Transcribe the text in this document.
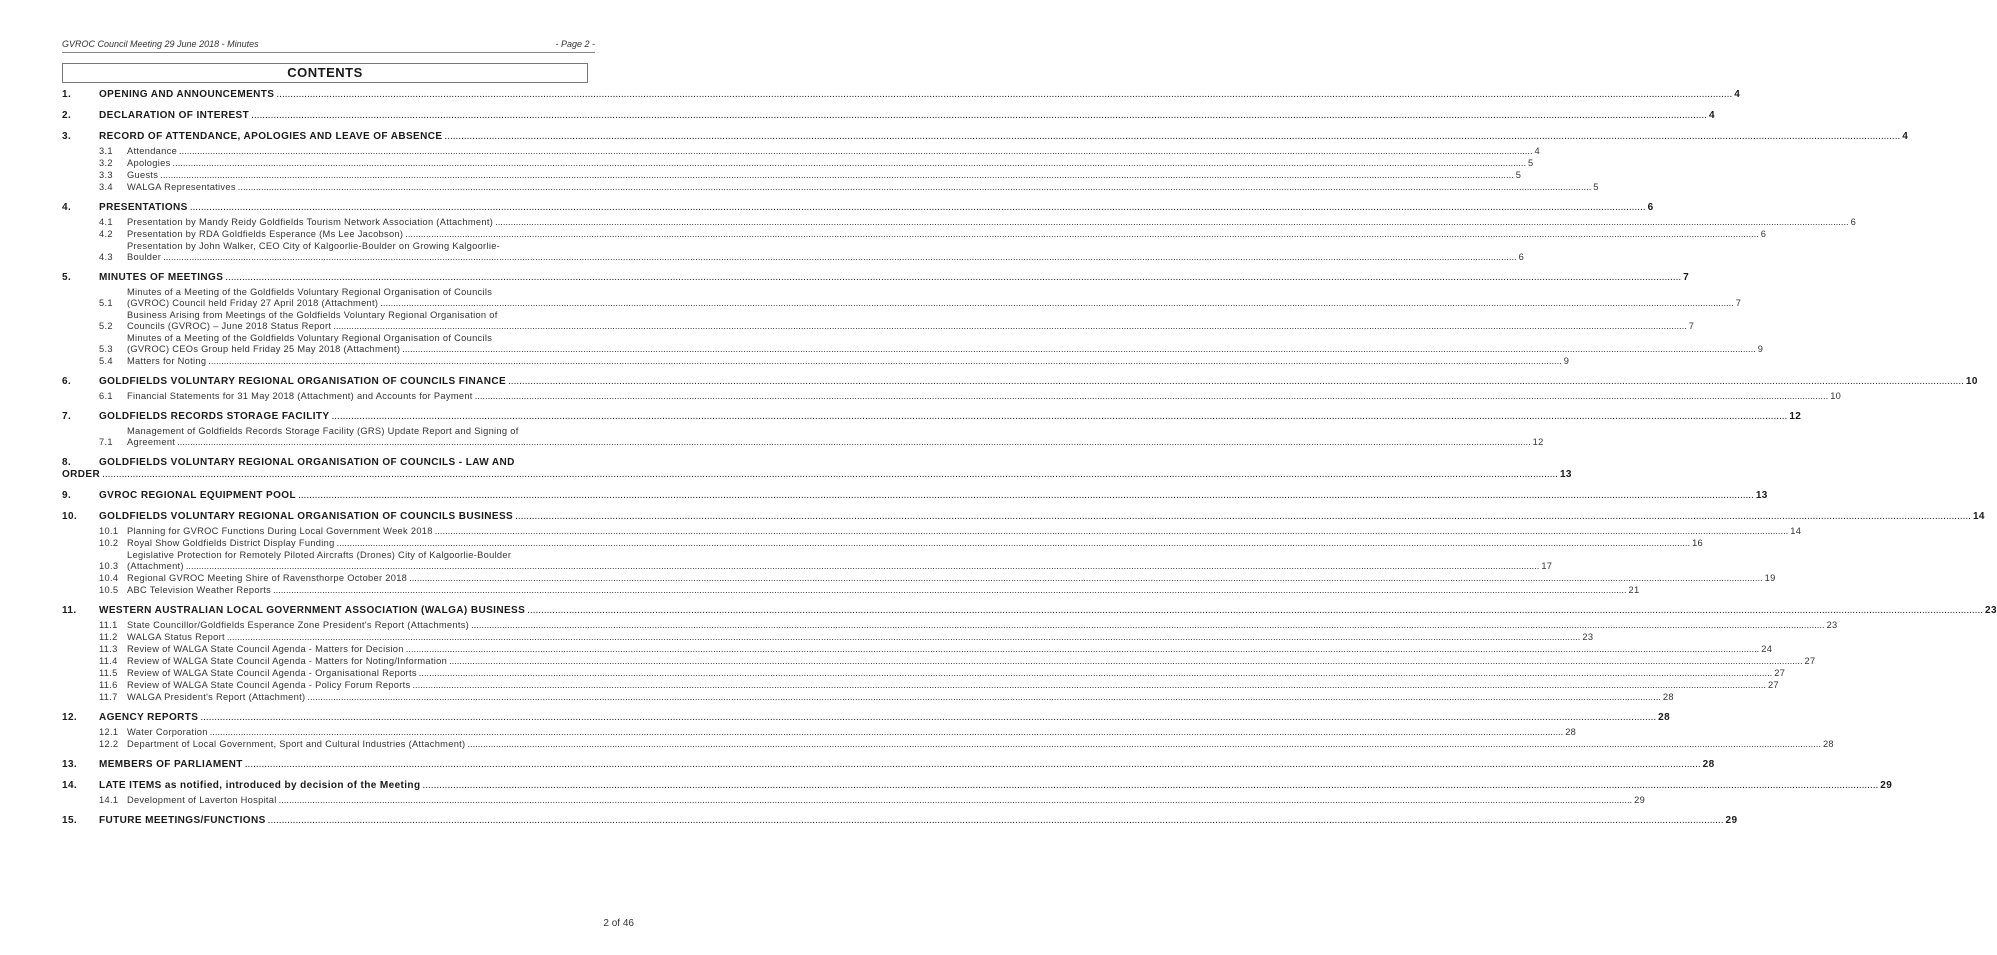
GVROC Council Meeting 29 June 2018 - Minutes	- Page 2 -
CONTENTS
1.	OPENING AND ANNOUNCEMENTS .....	4
2.	DECLARATION OF INTEREST .....	4
3.	RECORD OF ATTENDANCE, APOLOGIES AND LEAVE OF ABSENCE .....	4
3.1	Attendance .....	4
3.2	Apologies .....	5
3.3	Guests .....	5
3.4	WALGA Representatives .....	5
4.	PRESENTATIONS .....	6
4.1	Presentation by Mandy Reidy Goldfields Tourism Network Association (Attachment) .....	6
4.2	Presentation by RDA Goldfields Esperance (Ms Lee Jacobson) .....	6
4.3
Presentation by John Walker, CEO City of Kalgoorlie-Boulder on Growing Kalgoorlie-
Boulder .....	6
5.	MINUTES OF MEETINGS .....	7
5.1
Minutes of a Meeting of the Goldfields Voluntary Regional Organisation of Councils
(GVROC) Council held Friday 27 April 2018 (Attachment) .....	7
5.2
Business Arising from Meetings of the Goldfields Voluntary Regional Organisation of
Councils (GVROC) – June 2018 Status Report .....	7
5.3
Minutes of a Meeting of the Goldfields Voluntary Regional Organisation of Councils
(GVROC) CEOs Group held Friday 25 May 2018 (Attachment) .....	9
5.4	Matters for Noting .....	9
6.	GOLDFIELDS VOLUNTARY REGIONAL ORGANISATION OF COUNCILS FINANCE .....	10
6.1	Financial Statements for 31 May 2018 (Attachment) and Accounts for Payment .....	10
7.	GOLDFIELDS RECORDS STORAGE FACILITY .....	12
7.1
Management of Goldfields Records Storage Facility (GRS) Update Report and Signing of
Agreement .....	12
8.	GOLDFIELDS VOLUNTARY REGIONAL ORGANISATION OF COUNCILS - LAW AND
ORDER .....	13
9.	GVROC REGIONAL EQUIPMENT POOL .....	13
10.	GOLDFIELDS VOLUNTARY REGIONAL ORGANISATION OF COUNCILS BUSINESS .....	14
10.1 Planning for GVROC Functions During Local Government Week 2018 .....	14
10.2 Royal Show Goldfields District Display Funding .....	16
10.3
Legislative Protection for Remotely Piloted Aircrafts (Drones) City of Kalgoorlie-Boulder
(Attachment) .....	17
10.4 Regional GVROC Meeting Shire of Ravensthorpe October 2018 .....	19
10.5 ABC Television Weather Reports .....	21
11.	WESTERN AUSTRALIAN LOCAL GOVERNMENT ASSOCIATION (WALGA) BUSINESS .....	23
11.1	State Councillor/Goldfields Esperance Zone President's Report (Attachments) .....	23
11.2	WALGA Status Report .....	23
11.3	Review of WALGA State Council Agenda - Matters for Decision .....	24
11.4	Review of WALGA State Council Agenda - Matters for Noting/Information .....	27
11.5	Review of WALGA State Council Agenda - Organisational Reports .....	27
11.6	Review of WALGA State Council Agenda - Policy Forum Reports .....	27
11.7	WALGA President's Report (Attachment) .....	28
12.	AGENCY REPORTS .....	28
12.1 Water Corporation .....	28
12.2 Department of Local Government, Sport and Cultural Industries (Attachment) .....	28
13.	MEMBERS OF PARLIAMENT .....	28
14.	LATE ITEMS as notified, introduced by decision of the Meeting .....	29
14.1 Development of Laverton Hospital .....	29
15.	FUTURE MEETINGS/FUNCTIONS .....	29
2 of 46
